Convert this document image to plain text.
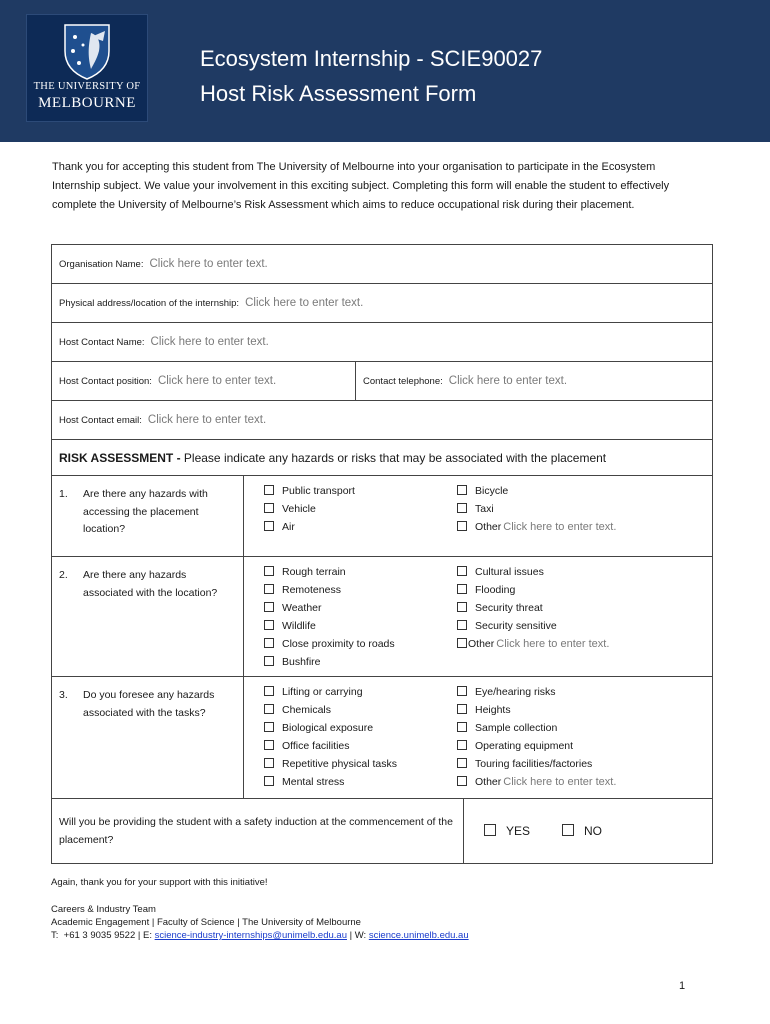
THE UNIVERSITY OF
MELBOURNE
Ecosystem Internship - SCIE90027
Host Risk Assessment Form
Thank you for accepting this student from The University of Melbourne into your organisation to participate in the Ecosystem Internship subject. We value your involvement in this exciting subject. Completing this form will enable the student to effectively complete the University of Melbourne’s Risk Assessment which aims to reduce occupational risk during their placement.
Organisation Name: Click here to enter text.
Physical address/location of the internship: Click here to enter text.
Host Contact Name: Click here to enter text.
Host Contact position: Click here to enter text.	Contact telephone: Click here to enter text.
Host Contact email: Click here to enter text.
RISK ASSESSMENT - Please indicate any hazards or risks that may be associated with the placement
1.	Are there any hazards with accessing the placement location?
Public transport
Vehicle
Air
Bicycle
Taxi
Other Click here to enter text.
2.	Are there any hazards associated with the location?
Rough terrain
Remoteness
Weather
Wildlife
Close proximity to roads
Bushfire
Cultural issues
Flooding
Security threat
Security sensitive
Other Click here to enter text.
3.	Do you foresee any hazards associated with the tasks?
Lifting or carrying
Chemicals
Biological exposure
Office facilities
Repetitive physical tasks
Mental stress
Eye/hearing risks
Heights
Sample collection
Operating equipment
Touring facilities/factories
Other Click here to enter text.
Will you be providing the student with a safety induction at the commencement of the placement?
YES	NO
Again, thank you for your support with this initiative!
Careers & Industry Team
Academic Engagement | Faculty of Science | The University of Melbourne
T:  +61 3 9035 9522 | E: science-industry-internships@unimelb.edu.au | W: science.unimelb.edu.au
1
